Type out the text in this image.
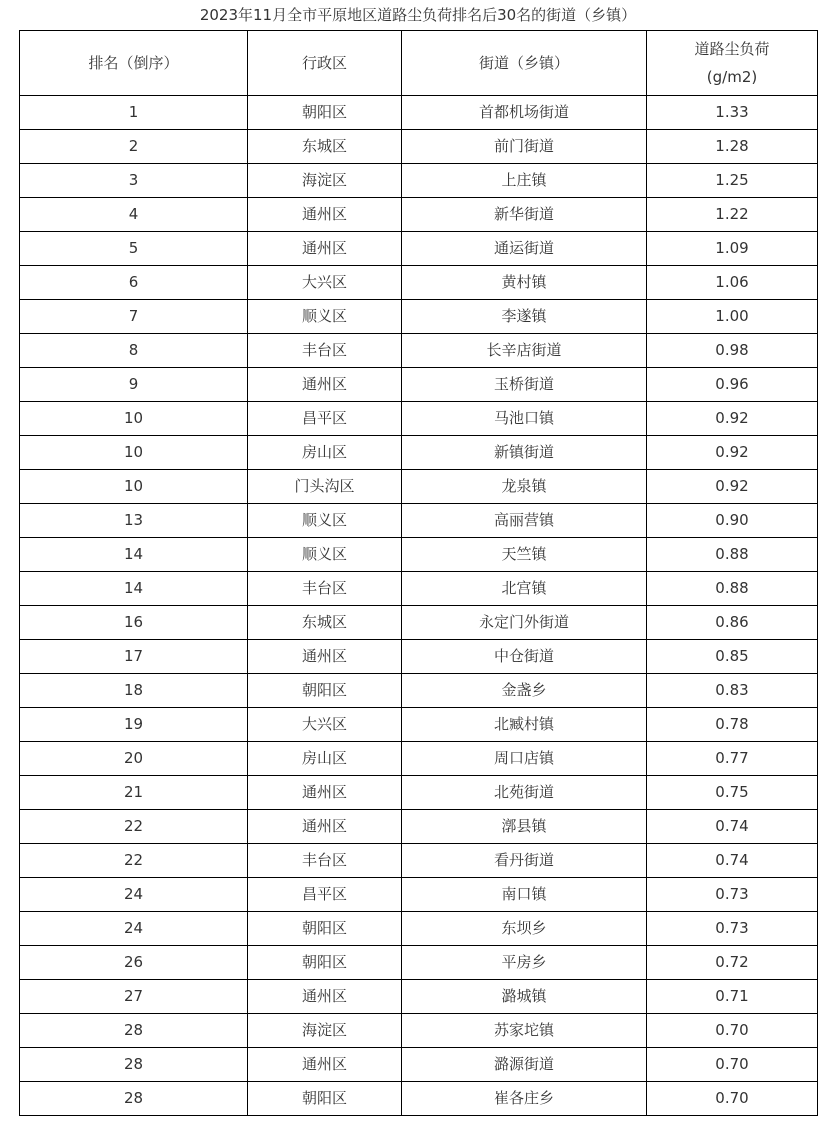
2023年11月全市平原地区道路尘负荷排名后30名的街道（乡镇）
排名（倒序）	行政区	街道（乡镇）	道路尘负荷
(g/m2)

1	朝阳区	首都机场街道	1.33
2	东城区	前门街道	1.28
3	海淀区	上庄镇	1.25
4	通州区	新华街道	1.22
5	通州区	通运街道	1.09
6	大兴区	黄村镇	1.06
7	顺义区	李遂镇	1.00
8	丰台区	长辛店街道	0.98
9	通州区	玉桥街道	0.96
10	昌平区	马池口镇	0.92
10	房山区	新镇街道	0.92
10	门头沟区	龙泉镇	0.92
13	顺义区	高丽营镇	0.90
14	顺义区	天竺镇	0.88
14	丰台区	北宫镇	0.88
16	东城区	永定门外街道	0.86
17	通州区	中仓街道	0.85
18	朝阳区	金盏乡	0.83
19	大兴区	北臧村镇	0.78
20	房山区	周口店镇	0.77
21	通州区	北苑街道	0.75
22	通州区	漷县镇	0.74
22	丰台区	看丹街道	0.74
24	昌平区	南口镇	0.73
24	朝阳区	东坝乡	0.73
26	朝阳区	平房乡	0.72
27	通州区	潞城镇	0.71
28	海淀区	苏家坨镇	0.70
28	通州区	潞源街道	0.70
28	朝阳区	崔各庄乡	0.70
